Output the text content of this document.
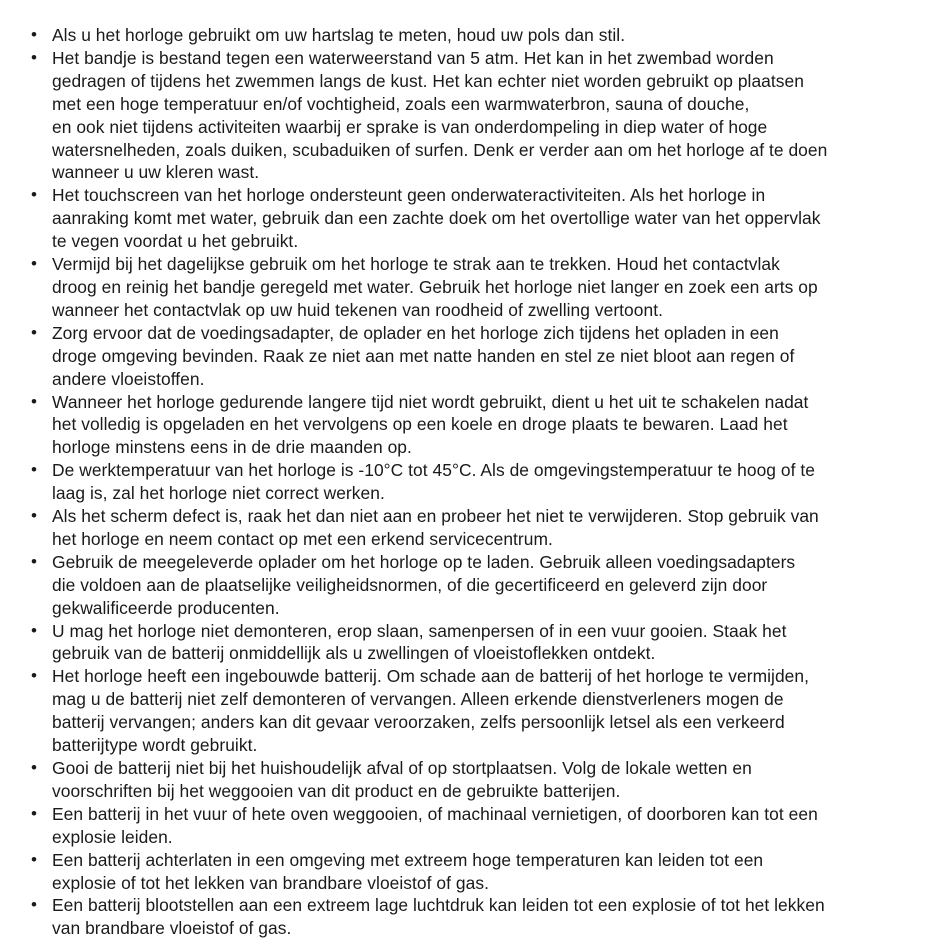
• Als u het horloge gebruikt om uw hartslag te meten, houd uw pols dan stil.
• Het bandje is bestand tegen een waterweerstand van 5 atm. Het kan in het zwembad worden
gedragen of tijdens het zwemmen langs de kust. Het kan echter niet worden gebruikt op plaatsen
met een hoge temperatuur en/of vochtigheid, zoals een warmwaterbron, sauna of douche,
en ook niet tijdens activiteiten waarbij er sprake is van onderdompeling in diep water of hoge
watersnelheden, zoals duiken, scubaduiken of surfen. Denk er verder aan om het horloge af te doen
wanneer u uw kleren wast.
• Het touchscreen van het horloge ondersteunt geen onderwateractiviteiten. Als het horloge in
aanraking komt met water, gebruik dan een zachte doek om het overtollige water van het oppervlak
te vegen voordat u het gebruikt.
• Vermijd bij het dagelijkse gebruik om het horloge te strak aan te trekken. Houd het contactvlak
droog en reinig het bandje geregeld met water. Gebruik het horloge niet langer en zoek een arts op
wanneer het contactvlak op uw huid tekenen van roodheid of zwelling vertoont.
• Zorg ervoor dat de voedingsadapter, de oplader en het horloge zich tijdens het opladen in een
droge omgeving bevinden. Raak ze niet aan met natte handen en stel ze niet bloot aan regen of
andere vloeistoffen.
• Wanneer het horloge gedurende langere tijd niet wordt gebruikt, dient u het uit te schakelen nadat
het volledig is opgeladen en het vervolgens op een koele en droge plaats te bewaren. Laad het
horloge minstens eens in de drie maanden op.
• De werktemperatuur van het horloge is -10°C tot 45°C. Als de omgevingstemperatuur te hoog of te
laag is, zal het horloge niet correct werken.
• Als het scherm defect is, raak het dan niet aan en probeer het niet te verwijderen. Stop gebruik van
het horloge en neem contact op met een erkend servicecentrum.
• Gebruik de meegeleverde oplader om het horloge op te laden. Gebruik alleen voedingsadapters
die voldoen aan de plaatselijke veiligheidsnormen, of die gecertificeerd en geleverd zijn door
gekwalificeerde producenten.
• U mag het horloge niet demonteren, erop slaan, samenpersen of in een vuur gooien. Staak het
gebruik van de batterij onmiddellijk als u zwellingen of vloeistoflekken ontdekt.
• Het horloge heeft een ingebouwde batterij. Om schade aan de batterij of het horloge te vermijden,
mag u de batterij niet zelf demonteren of vervangen. Alleen erkende dienstverleners mogen de
batterij vervangen; anders kan dit gevaar veroorzaken, zelfs persoonlijk letsel als een verkeerd
batterijtype wordt gebruikt.
• Gooi de batterij niet bij het huishoudelijk afval of op stortplaatsen. Volg de lokale wetten en
voorschriften bij het weggooien van dit product en de gebruikte batterijen.
• Een batterij in het vuur of hete oven weggooien, of machinaal vernietigen, of doorboren kan tot een
explosie leiden.
• Een batterij achterlaten in een omgeving met extreem hoge temperaturen kan leiden tot een
explosie of tot het lekken van brandbare vloeistof of gas.
• Een batterij blootstellen aan een extreem lage luchtdruk kan leiden tot een explosie of tot het lekken
van brandbare vloeistof of gas.
